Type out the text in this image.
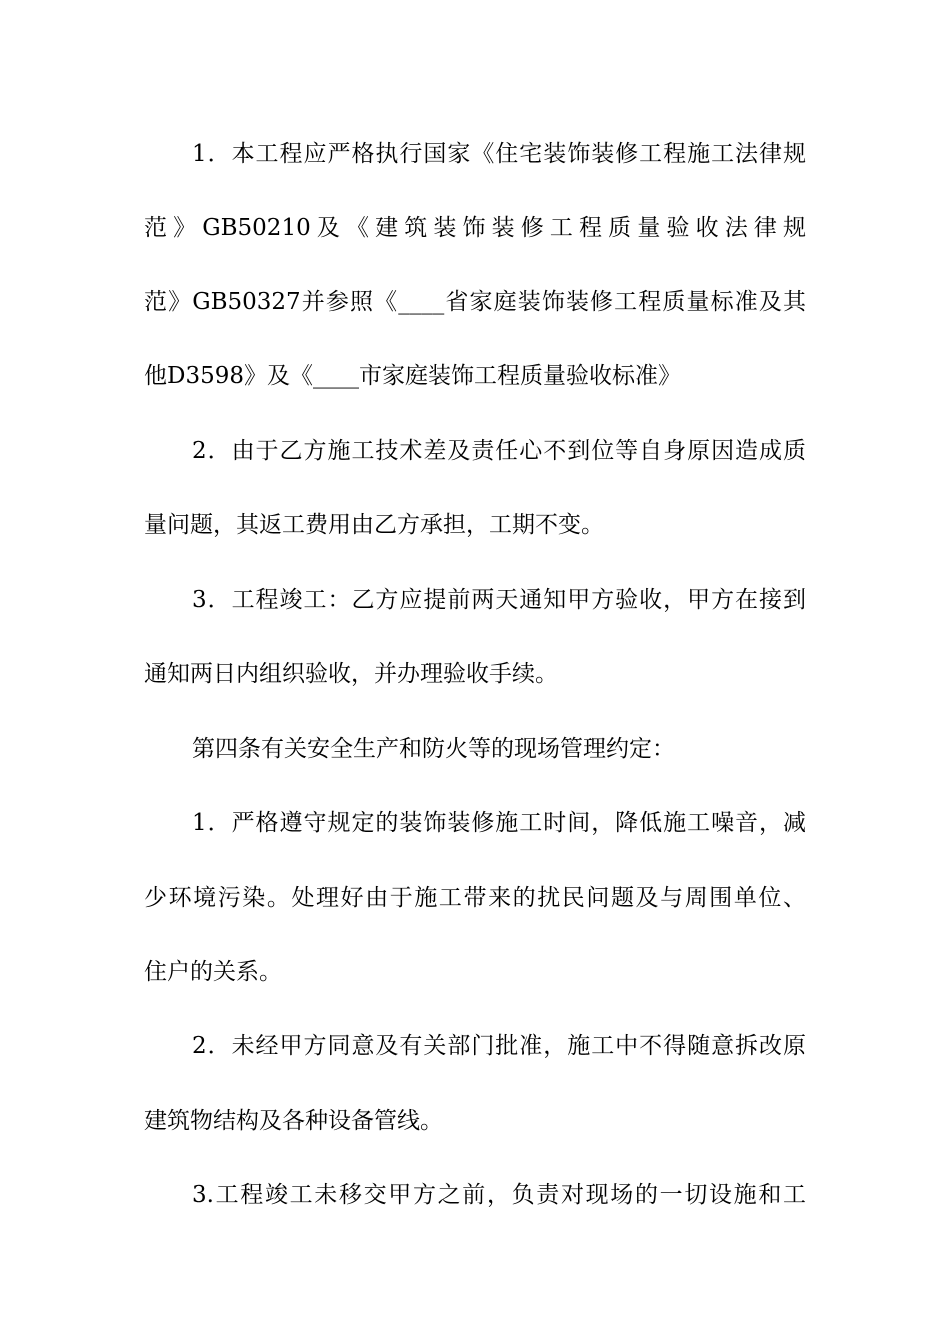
1．本工程应严格执行国家《住宅装饰装修工程施工法律规
范》GB50210及《建筑装饰装修工程质量验收法律规
范》GB50327并参照《____省家庭装饰装修工程质量标准及其
他D3598》及《____市家庭装饰工程质量验收标准》
2．由于乙方施工技术差及责任心不到位等自身原因造成质
量问题，其返工费用由乙方承担，工期不变。
3．工程竣工：乙方应提前两天通知甲方验收，甲方在接到
通知两日内组织验收，并办理验收手续。
第四条有关安全生产和防火等的现场管理约定：
1．严格遵守规定的装饰装修施工时间，降低施工噪音，减
少环境污染。处理好由于施工带来的扰民问题及与周围单位、
住户的关系。
2．未经甲方同意及有关部门批准，施工中不得随意拆改原
建筑物结构及各种设备管线。
3.工程竣工未移交甲方之前，负责对现场的一切设施和工
